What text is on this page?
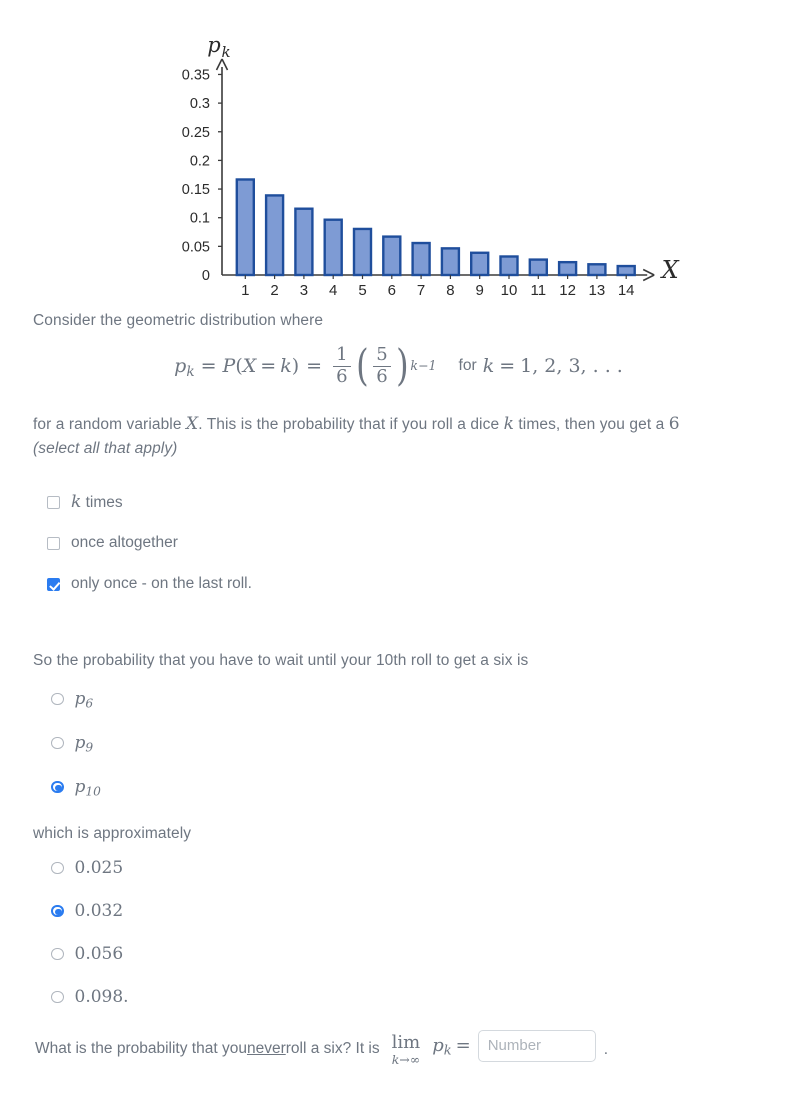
0
0.05
0.1
0.15
0.2
0.25
0.3
0.35
p k
X
1 2 3 4 5 6 7 8 9 10 11 12 13 14
Consider the geometric distribution where
$p_k = P$ ( X = k ) = $\frac{1}{6}$ ( $\frac{5}{6}$ ) k−1 for k = 1, 2, 3, . . .
for a random variable X. This is the probability that if you roll a dice k times, then you get a 6
(select all that apply)
k times
once altogether
only once - on the last roll.
So the probability that you have to wait until your 10th roll to get a six is
$p_6$
$p_9$
$p_{10}$
which is approximately
0.025
0.032
0.056
0.098.
What is the probability that you never roll a six? It is lim
k→∞
$p_k$ =
Number	.
